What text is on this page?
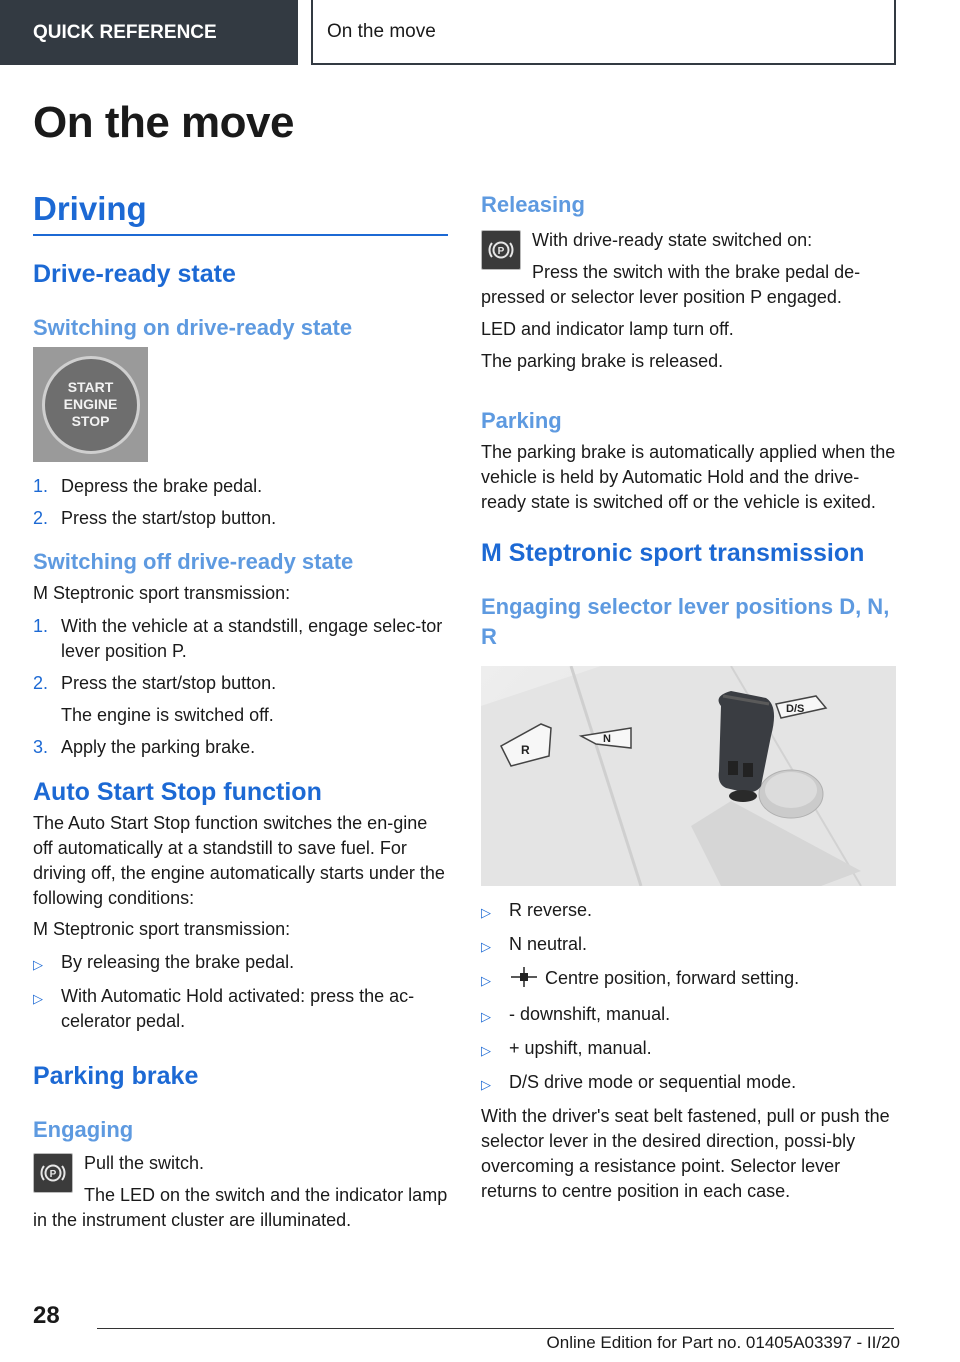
QUICK REFERENCE	On the move
On the move
Driving
Drive-ready state
Switching on drive-ready state
START
ENGINE
STOP
1. Depress the brake pedal.
2. Press the start/stop button.
Switching off drive-ready state

M Steptronic sport transmission:

1. With the vehicle at a standstill, engage selec‐tor lever position P.
2. Press the start/stop button.
The engine is switched off.
3. Apply the parking brake.
Auto Start Stop function

The Auto Start Stop function switches the en‐gine off automatically at a standstill to save fuel. For driving off, the engine automatically starts under the following conditions:

M Steptronic sport transmission:

▷	By releasing the brake pedal.
▷	With Automatic Hold activated: press the ac‐celerator pedal.
Parking brake
Engaging
P

Pull the switch.

The LED on the switch and the indicator lamp in the instrument cluster are illuminated.

Releasing
P

With drive-ready state switched on:

Press the switch with the brake pedal de‐pressed or selector lever position P engaged.

LED and indicator lamp turn off.

The parking brake is released.

Parking

The parking brake is automatically applied when the vehicle is held by Automatic Hold and the drive-ready state is switched off or the vehicle is exited.

M Steptronic sport transmission
Engaging selector lever positions D, N, R
R
N
D/S
▷	R reverse.
▷	N neutral.
▷	Centre position, forward setting.
▷	- downshift, manual.
▷	+ upshift, manual.
▷	D/S drive mode or sequential mode.

With the driver's seat belt fastened, pull or push the selector lever in the desired direction, possi‐bly overcoming a resistance point. Selector lever returns to centre position in each case.

28
Online Edition for Part no. 01405A03397 - II/20
